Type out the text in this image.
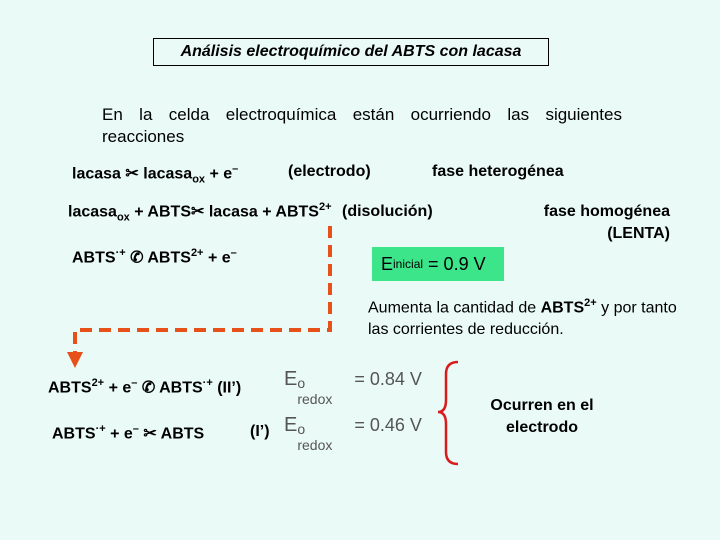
Análisis electroquímico del ABTS con lacasa
En la celda electroquímica están ocurriendo las siguientes
reacciones
lacasa ✂ lacasa$_{ox}$ + e–	(electrodo)	fase heterogénea
lacasa$_{ox}$ + ABTS✂ lacasa + $ABTS^{2+}$ (disolución)	fase homogénea
(LENTA)
ABTS·+ ✆ $ABTS^{2+} + e^-$
E inicial
= 0.9 V
Aumenta la cantidad de $ABTS^{2+}$ y por tanto las corrientes de reducción.
$ABTS^{2+} + e^-$ ✆ ABTS·+ (II’)
ABTS·+ + e– ✂ ABTS	(I’)
E o
redox
= 0.84 V
E o
redox
= 0.46 V
Ocurren en el electrodo
